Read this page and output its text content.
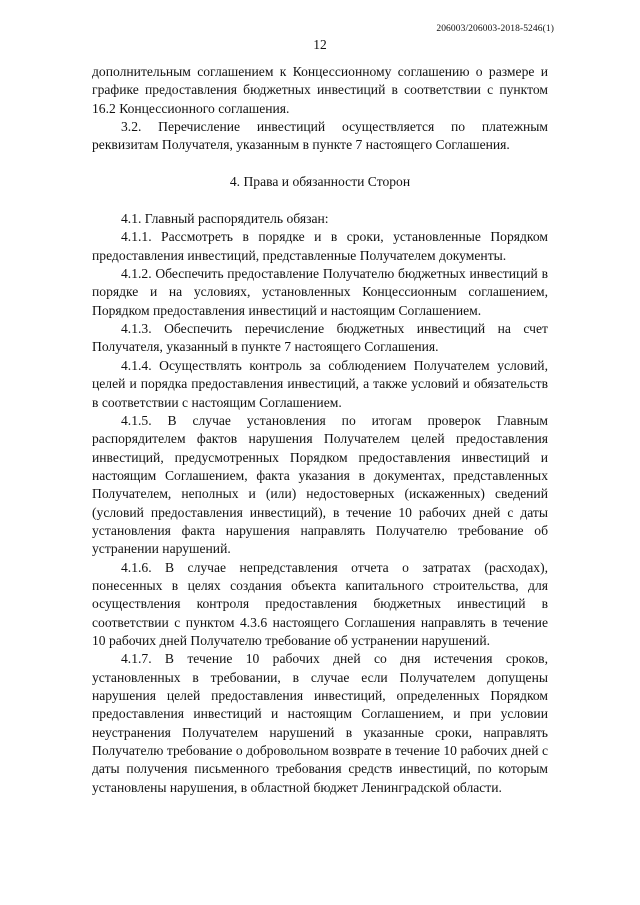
206003/206003-2018-5246(1)
12

дополнительным соглашением к Концессионному соглашению о размере и графике предоставления бюджетных инвестиций в соответствии с пунктом 16.2 Концессионного соглашения.

3.2. Перечисление инвестиций осуществляется по платежным реквизитам Получателя, указанным в пункте 7 настоящего Соглашения.

4. Права и обязанности Сторон

4.1. Главный распорядитель обязан:

4.1.1. Рассмотреть в порядке и в сроки, установленные Порядком предоставления инвестиций, представленные Получателем документы.

4.1.2. Обеспечить предоставление Получателю бюджетных инвестиций в порядке и на условиях, установленных Концессионным соглашением, Порядком предоставления инвестиций и настоящим Соглашением.

4.1.3. Обеспечить перечисление бюджетных инвестиций на счет Получателя, указанный в пункте 7 настоящего Соглашения.

4.1.4. Осуществлять контроль за соблюдением Получателем условий, целей и порядка предоставления инвестиций, а также условий и обязательств в соответствии с настоящим Соглашением.

4.1.5. В случае установления по итогам проверок Главным распорядителем фактов нарушения Получателем целей предоставления инвестиций, предусмотренных Порядком предоставления инвестиций и настоящим Соглашением, факта указания в документах, представленных Получателем, неполных и (или) недостоверных (искаженных) сведений (условий предоставления инвестиций), в течение 10 рабочих дней с даты установления факта нарушения направлять Получателю требование об устранении нарушений.

4.1.6. В случае непредставления отчета о затратах (расходах), понесенных в целях создания объекта капитального строительства, для осуществления контроля предоставления бюджетных инвестиций в соответствии с пунктом 4.3.6 настоящего Соглашения направлять в течение 10 рабочих дней Получателю требование об устранении нарушений.

4.1.7. В течение 10 рабочих дней со дня истечения сроков, установленных в требовании, в случае если Получателем допущены нарушения целей предоставления инвестиций, определенных Порядком предоставления инвестиций и настоящим Соглашением, и при условии неустранения Получателем нарушений в указанные сроки, направлять Получателю требование о добровольном возврате в течение 10 рабочих дней с даты получения письменного требования средств инвестиций, по которым установлены нарушения, в областной бюджет Ленинградской области.
